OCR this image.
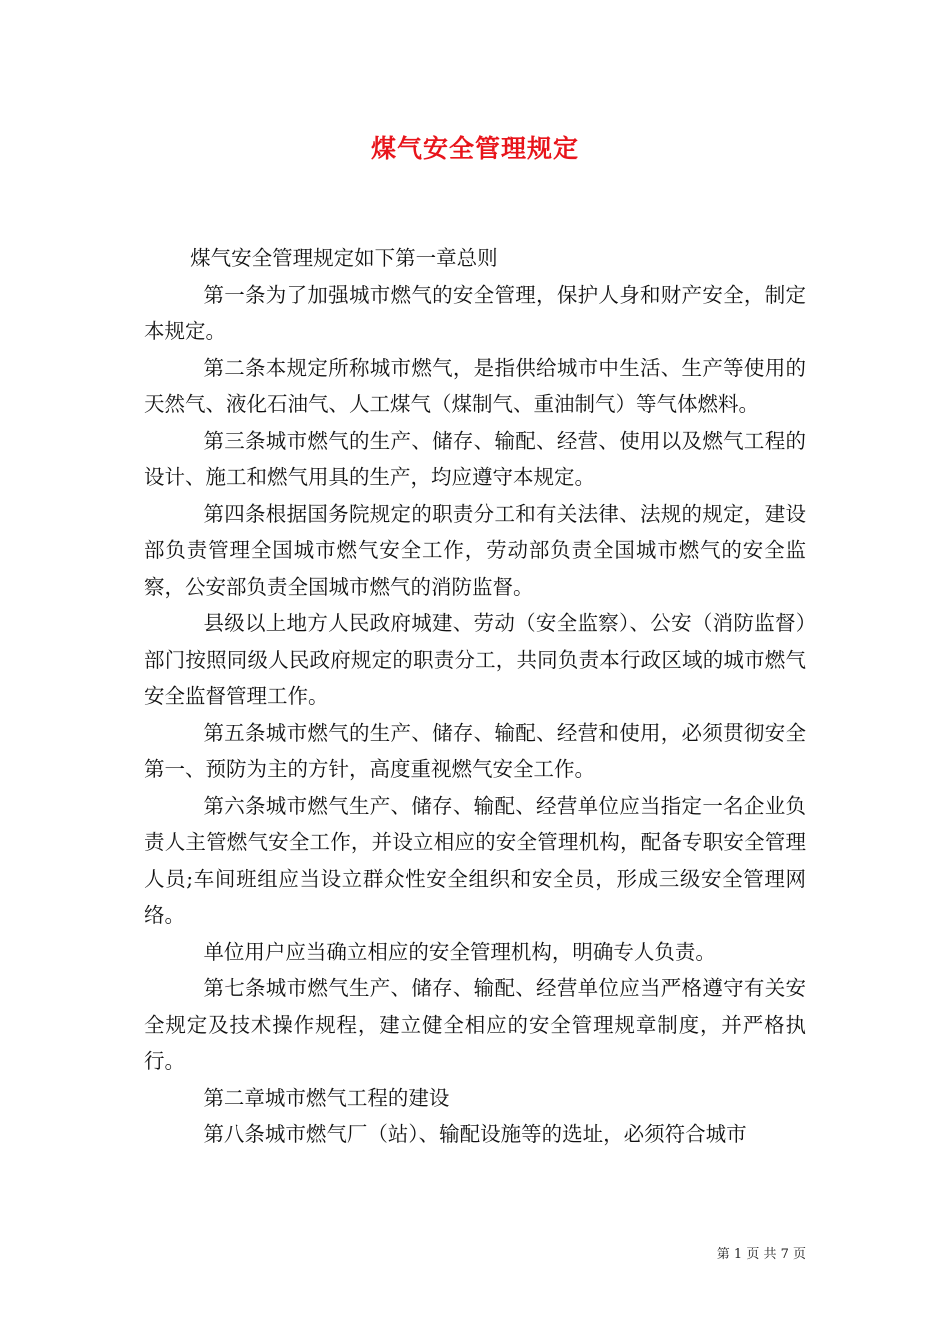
煤气安全管理规定

煤气安全管理规定如下第一章总则

第一条为了加强城市燃气的安全管理，保护人身和财产安全，制定本规定。

第二条本规定所称城市燃气，是指供给城市中生活、生产等使用的天然气、液化石油气、人工煤气（煤制气、重油制气）等气体燃料。

第三条城市燃气的生产、储存、输配、经营、使用以及燃气工程的设计、施工和燃气用具的生产，均应遵守本规定。

第四条根据国务院规定的职责分工和有关法律、法规的规定，建设部负责管理全国城市燃气安全工作，劳动部负责全国城市燃气的安全监察，公安部负责全国城市燃气的消防监督。

县级以上地方人民政府城建、劳动（安全监察）、公安（消防监督）部门按照同级人民政府规定的职责分工，共同负责本行政区域的城市燃气安全监督管理工作。

第五条城市燃气的生产、储存、输配、经营和使用，必须贯彻安全第一、预防为主的方针，高度重视燃气安全工作。

第六条城市燃气生产、储存、输配、经营单位应当指定一名企业负责人主管燃气安全工作，并设立相应的安全管理机构，配备专职安全管理人员;车间班组应当设立群众性安全组织和安全员，形成三级安全管理网络。

单位用户应当确立相应的安全管理机构，明确专人负责。

第七条城市燃气生产、储存、输配、经营单位应当严格遵守有关安全规定及技术操作规程，建立健全相应的安全管理规章制度，并严格执行。

第二章城市燃气工程的建设

第八条城市燃气厂（站）、输配设施等的选址，必须符合城市

第 1 页 共 7 页
